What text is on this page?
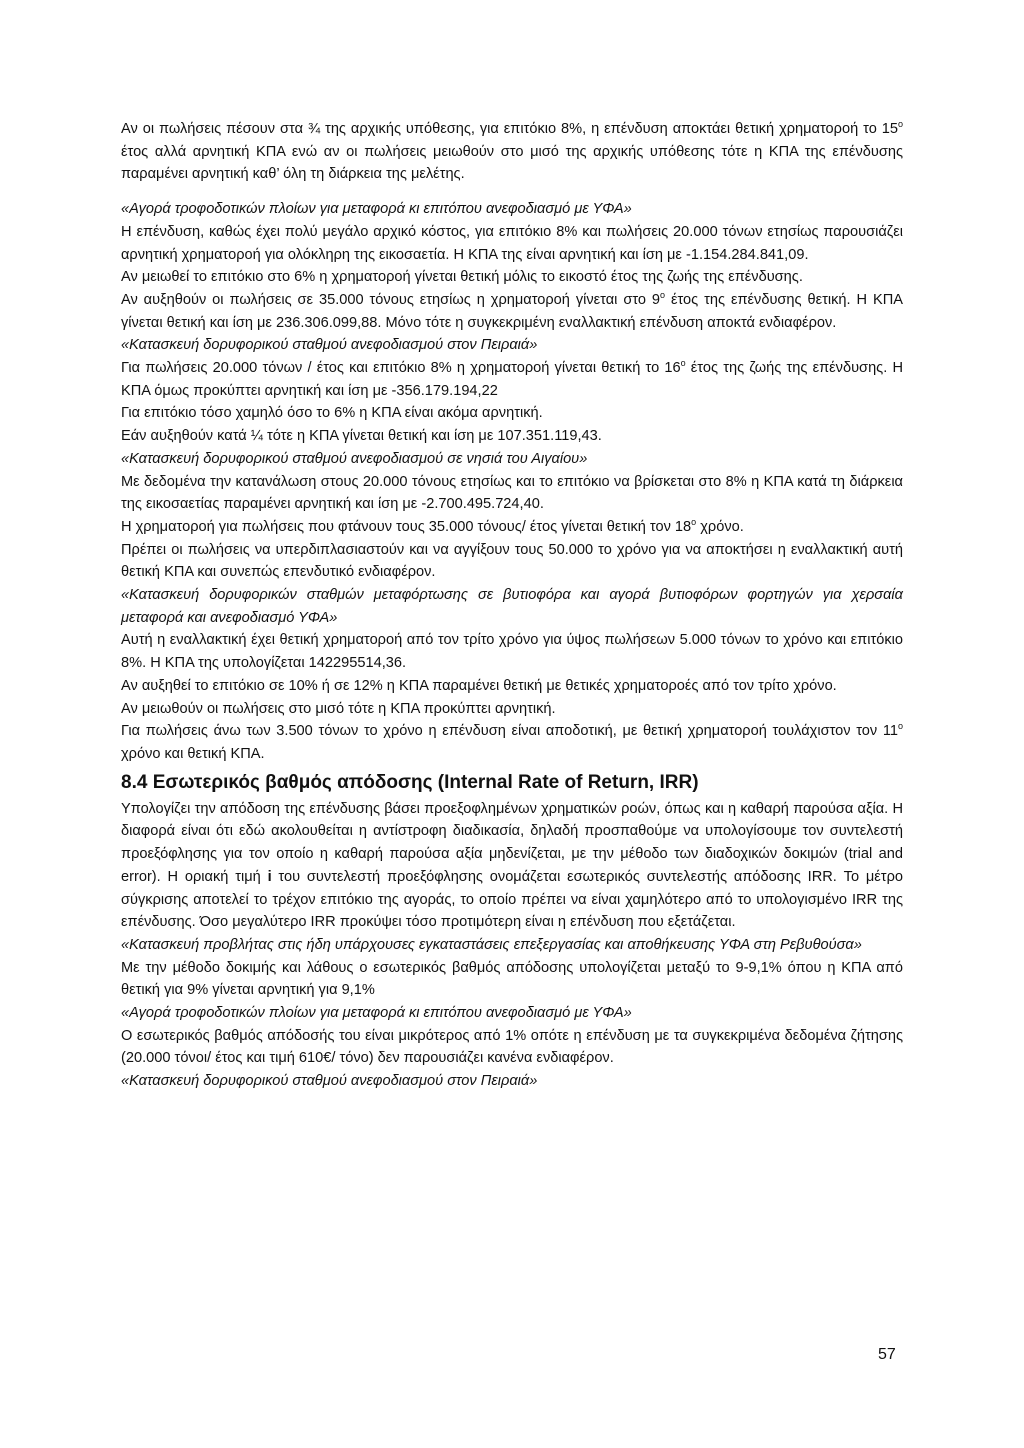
Αν οι πωλήσεις πέσουν στα ¾ της αρχικής υπόθεσης, για επιτόκιο 8%, η επένδυση αποκτάει θετική χρηματοροή το $15^o$ έτος αλλά αρνητική ΚΠΑ ενώ αν οι πωλήσεις μειωθούν στο μισό της αρχικής υπόθεσης τότε η ΚΠΑ της επένδυσης παραμένει αρνητική καθ’ όλη τη διάρκεια της μελέτης.

«Αγορά τροφοδοτικών πλοίων για μεταφορά κι επιτόπου ανεφοδιασμό με ΥΦΑ»

Η επένδυση, καθώς έχει πολύ μεγάλο αρχικό κόστος, για επιτόκιο 8% και πωλήσεις 20.000 τόνων ετησίως παρουσιάζει αρνητική χρηματοροή για ολόκληρη της εικοσαετία. Η ΚΠΑ της είναι αρνητική και ίση με -1.154.284.841,09.

Αν μειωθεί το επιτόκιο στο 6% η χρηματοροή γίνεται θετική μόλις το εικοστό έτος της ζωής της επένδυσης.

Αν αυξηθούν οι πωλήσεις σε 35.000 τόνους ετησίως η χρηματοροή γίνεται στο $9^o$ έτος της επένδυσης θετική. Η ΚΠΑ γίνεται θετική και ίση με 236.306.099,88. Μόνο τότε η συγκεκριμένη εναλλακτική επένδυση αποκτά ενδιαφέρον.

«Κατασκευή δορυφορικού σταθμού ανεφοδιασμού στον Πειραιά»

Για πωλήσεις 20.000 τόνων / έτος και επιτόκιο 8% η χρηματοροή γίνεται θετική το $16^o$ έτος της ζωής της επένδυσης. Η ΚΠΑ όμως προκύπτει αρνητική και ίση με -356.179.194,22

Για επιτόκιο τόσο χαμηλό όσο το 6% η ΚΠΑ είναι ακόμα αρνητική.

Εάν αυξηθούν κατά ¼ τότε η ΚΠΑ γίνεται θετική και ίση με 107.351.119,43.

«Κατασκευή δορυφορικού σταθμού ανεφοδιασμού σε νησιά του Αιγαίου»

Με δεδομένα την κατανάλωση στους 20.000 τόνους ετησίως και το επιτόκιο να βρίσκεται στο 8% η ΚΠΑ κατά τη διάρκεια της εικοσαετίας παραμένει αρνητική και ίση με -2.700.495.724,40.

Η χρηματοροή για πωλήσεις που φτάνουν τους 35.000 τόνους/ έτος γίνεται θετική τον $18^o$ χρόνο.

Πρέπει οι πωλήσεις να υπερδιπλασιαστούν και να αγγίξουν τους 50.000 το χρόνο για να αποκτήσει η εναλλακτική αυτή θετική ΚΠΑ και συνεπώς επενδυτικό ενδιαφέρον.

«Κατασκευή δορυφορικών σταθμών μεταφόρτωσης σε βυτιοφόρα και αγορά βυτιοφόρων φορτηγών για χερσαία μεταφορά και ανεφοδιασμό ΥΦΑ»

Αυτή η εναλλακτική έχει θετική χρηματοροή από τον τρίτο χρόνο για ύψος πωλήσεων 5.000 τόνων το χρόνο και επιτόκιο 8%. Η ΚΠΑ της υπολογίζεται 142295514,36.

Αν αυξηθεί το επιτόκιο σε 10% ή σε 12% η ΚΠΑ παραμένει θετική με θετικές χρηματοροές από τον τρίτο χρόνο.

Αν μειωθούν οι πωλήσεις στο μισό τότε η ΚΠΑ προκύπτει αρνητική.

Για πωλήσεις άνω των 3.500 τόνων το χρόνο η επένδυση είναι αποδοτική, με θετική χρηματοροή τουλάχιστον τον $11^o$ χρόνο και θετική ΚΠΑ.

8.4 Εσωτερικός βαθμός απόδοσης (Internal Rate of Return, IRR)

Υπολογίζει την απόδοση της επένδυσης βάσει προεξοφλημένων χρηματικών ροών, όπως και η καθαρή παρούσα αξία. Η διαφορά είναι ότι εδώ ακολουθείται η αντίστροφη διαδικασία, δηλαδή προσπαθούμε να υπολογίσουμε τον συντελεστή προεξόφλησης για τον οποίο η καθαρή παρούσα αξία μηδενίζεται, με την μέθοδο των διαδοχικών δοκιμών (trial and error). Η οριακή τιμή i του συντελεστή προεξόφλησης ονομάζεται εσωτερικός συντελεστής απόδοσης IRR. Το μέτρο σύγκρισης αποτελεί το τρέχον επιτόκιο της αγοράς, το οποίο πρέπει να είναι χαμηλότερο από το υπολογισμένο IRR της επένδυσης. Όσο μεγαλύτερο IRR προκύψει τόσο προτιμότερη είναι η επένδυση που εξετάζεται.

«Κατασκευή προβλήτας στις ήδη υπάρχουσες εγκαταστάσεις επεξεργασίας και αποθήκευσης ΥΦΑ στη Ρεβυθούσα»

Με την μέθοδο δοκιμής και λάθους ο εσωτερικός βαθμός απόδοσης υπολογίζεται μεταξύ το 9-9,1% όπου η ΚΠΑ από θετική για 9% γίνεται αρνητική για 9,1%

«Αγορά τροφοδοτικών πλοίων για μεταφορά κι επιτόπου ανεφοδιασμό με ΥΦΑ»

Ο εσωτερικός βαθμός απόδοσής του είναι μικρότερος από 1% οπότε η επένδυση με τα συγκεκριμένα δεδομένα ζήτησης (20.000 τόνοι/ έτος και τιμή 610€/ τόνο) δεν παρουσιάζει κανένα ενδιαφέρον.

«Κατασκευή δορυφορικού σταθμού ανεφοδιασμού στον Πειραιά»

57
